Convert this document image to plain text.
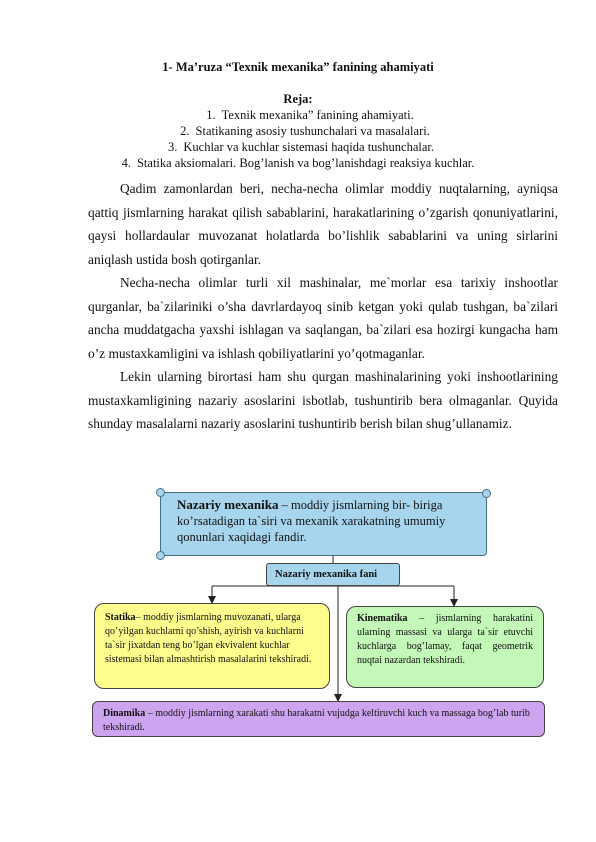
1- Ma’ruza “Texnik mexanika” fanining ahamiyati
Reja:
1. Texnik mexanika” fanining ahamiyati.
2. Statikaning asosiy tushunchalari va masalalari.
3. Kuchlar va kuchlar sistemasi haqida tushunchalar.
4. Statika aksiomalari. Bog’lanish va bog’lanishdagi reaksiya kuchlar.

Qadim zamonlardan beri, necha-necha olimlar moddiy nuqtalarning, ayniqsa qattiq jismlarning harakat qilish sabablarini, harakatlarining o’zgarish qonuniyatlarini, qaysi hollardaular muvozanat holatlarda bo’lishlik sabablarini va uning sirlarini aniqlash ustida bosh qotirganlar.

Necha-necha olimlar turli xil mashinalar, me`morlar esa tarixiy inshootlar qurganlar, ba`zilariniki o’sha davrlardayoq sinib ketgan yoki qulab tushgan, ba`zilari ancha muddatgacha yaxshi ishlagan va saqlangan, ba`zilari esa hozirgi kungacha ham o’z mustaxkamligini va ishlash qobiliyatlarini yo’qotmaganlar.

Lekin ularning birortasi ham shu qurgan mashinalarining yoki inshootlarining mustaxkamligining nazariy asoslarini isbotlab, tushuntirib bera olmaganlar. Quyida shunday masalalarni nazariy asoslarini tushuntirib berish bilan shug’ullanamiz.

Nazariy mexanika – moddiy jismlarning bir- biriga ko’rsatadigan ta`siri va mexanik xarakatning umumiy qonunlari xaqidagi fandir.
Nazariy mexanika fani
Statika– moddiy jismlarning muvozanati, ularga qo’yilgan kuchlarni qo’shish, ayirish va kuchlarni ta`sir jixatdan teng bo’lgan ekvivalent kuchlar sistemasi bilan almashtirish masalalarini tekshiradi.
Kinematika – jismlarning harakatini ularning massasi va ularga ta`sir etuvchi kuchlarga bog’lamay, faqat geometrik nuqtai nazardan tekshiradi.
Dinamika – moddiy jismlarning xarakati shu harakatni vujudga keltiruvchi kuch va massaga bog’lab turib tekshiradi.
